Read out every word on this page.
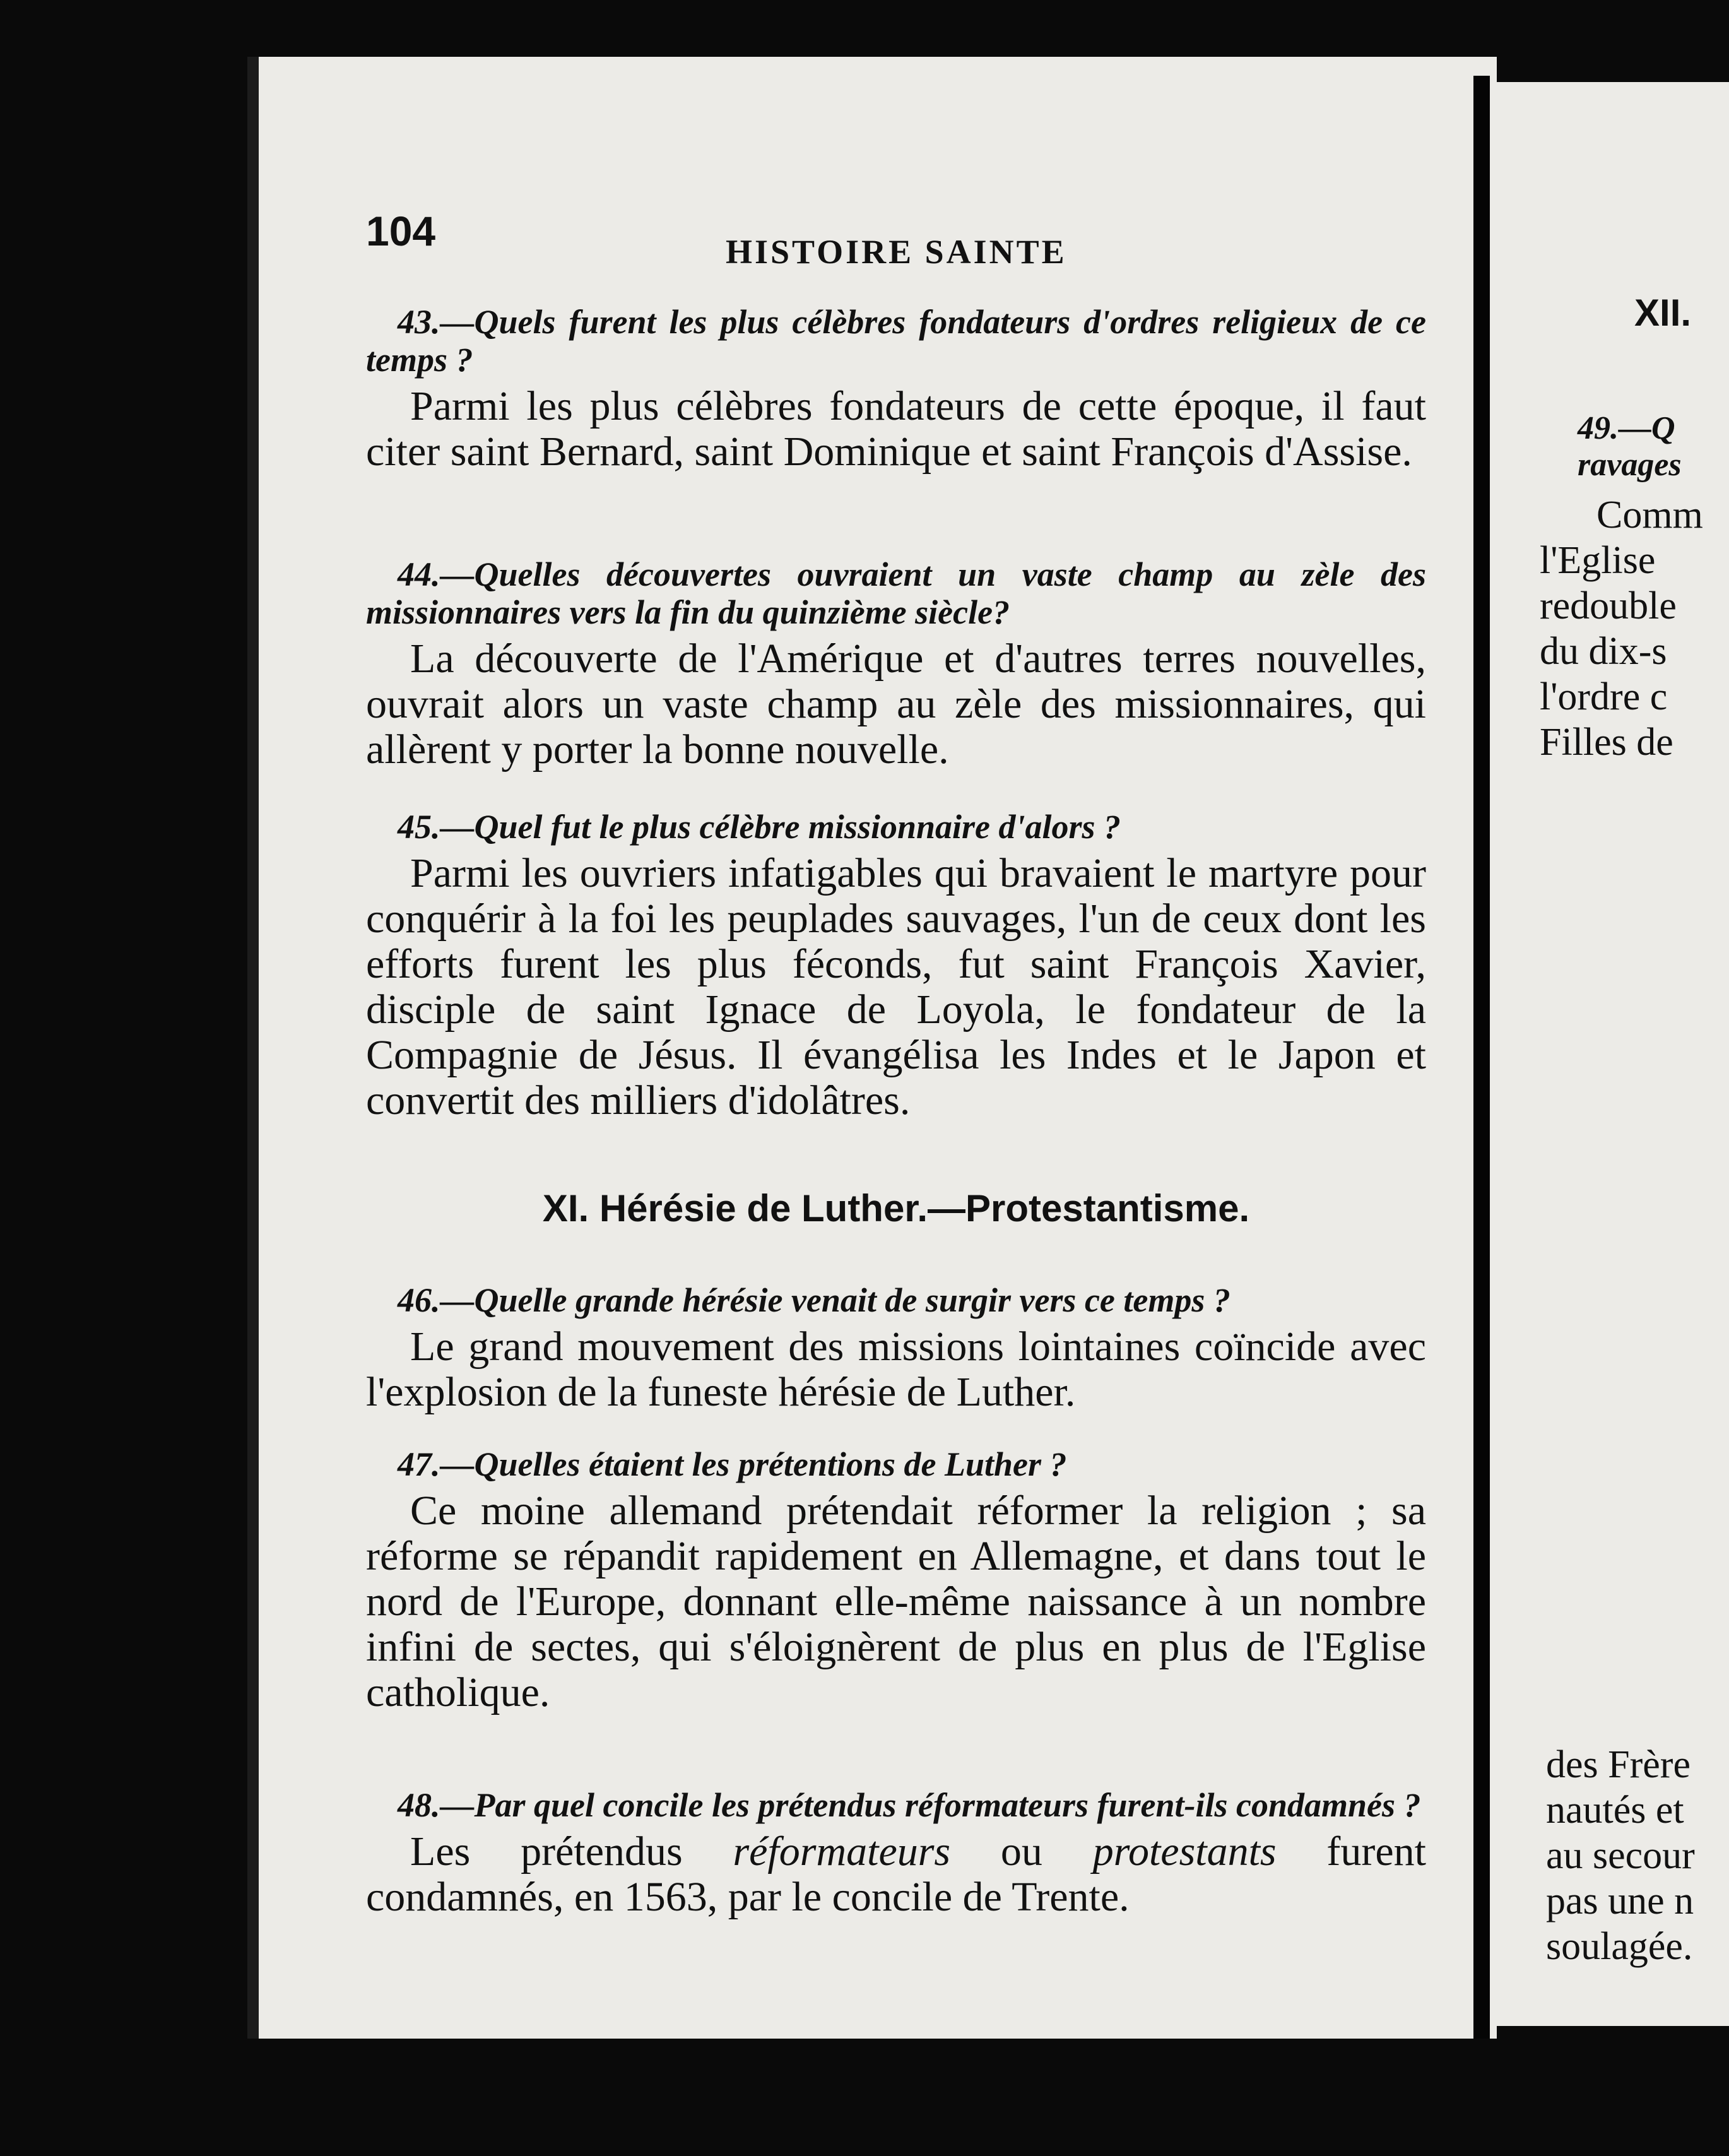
104	HISTOIRE SAINTE
43.—Quels furent les plus célèbres fondateurs d'ordres religieux de ce temps ?
Parmi les plus célèbres fondateurs de cette époque, il faut citer saint Bernard, saint Dominique et saint François d'Assise.
44.—Quelles découvertes ouvraient un vaste champ au zèle des missionnaires vers la fin du quinzième siècle?
La découverte de l'Amérique et d'autres terres nouvelles, ouvrait alors un vaste champ au zèle des missionnaires, qui allèrent y porter la bonne nouvelle.
45.—Quel fut le plus célèbre missionnaire d'alors ?
Parmi les ouvriers infatigables qui bravaient le martyre pour conquérir à la foi les peuplades sauvages, l'un de ceux dont les efforts furent les plus féconds, fut saint François Xavier, disciple de saint Ignace de Loyola, le fondateur de la Compagnie de Jésus. Il évangélisa les Indes et le Japon et convertit des milliers d'idolâtres.
XI. Hérésie de Luther.—Protestantisme.
46.—Quelle grande hérésie venait de surgir vers ce temps ?
Le grand mouvement des missions lointaines coïncide avec l'explosion de la funeste hérésie de Luther.
47.—Quelles étaient les prétentions de Luther ?
Ce moine allemand prétendait réformer la religion ; sa réforme se répandit rapidement en Allemagne, et dans tout le nord de l'Europe, donnant elle-même naissance à un nombre infini de sectes, qui s'éloignèrent de plus en plus de l'Eglise catholique.
48.—Par quel concile les prétendus réformateurs furent-ils condamnés ?
Les prétendus réformateurs ou protestants furent condamnés, en 1563, par le concile de Trente.
XII.
49.—Q
ravages
Comm
l'Eglise
redouble
du dix-s
l'ordre c
Filles de
des Frère
nautés et
au secour
pas une n
soulagée.
